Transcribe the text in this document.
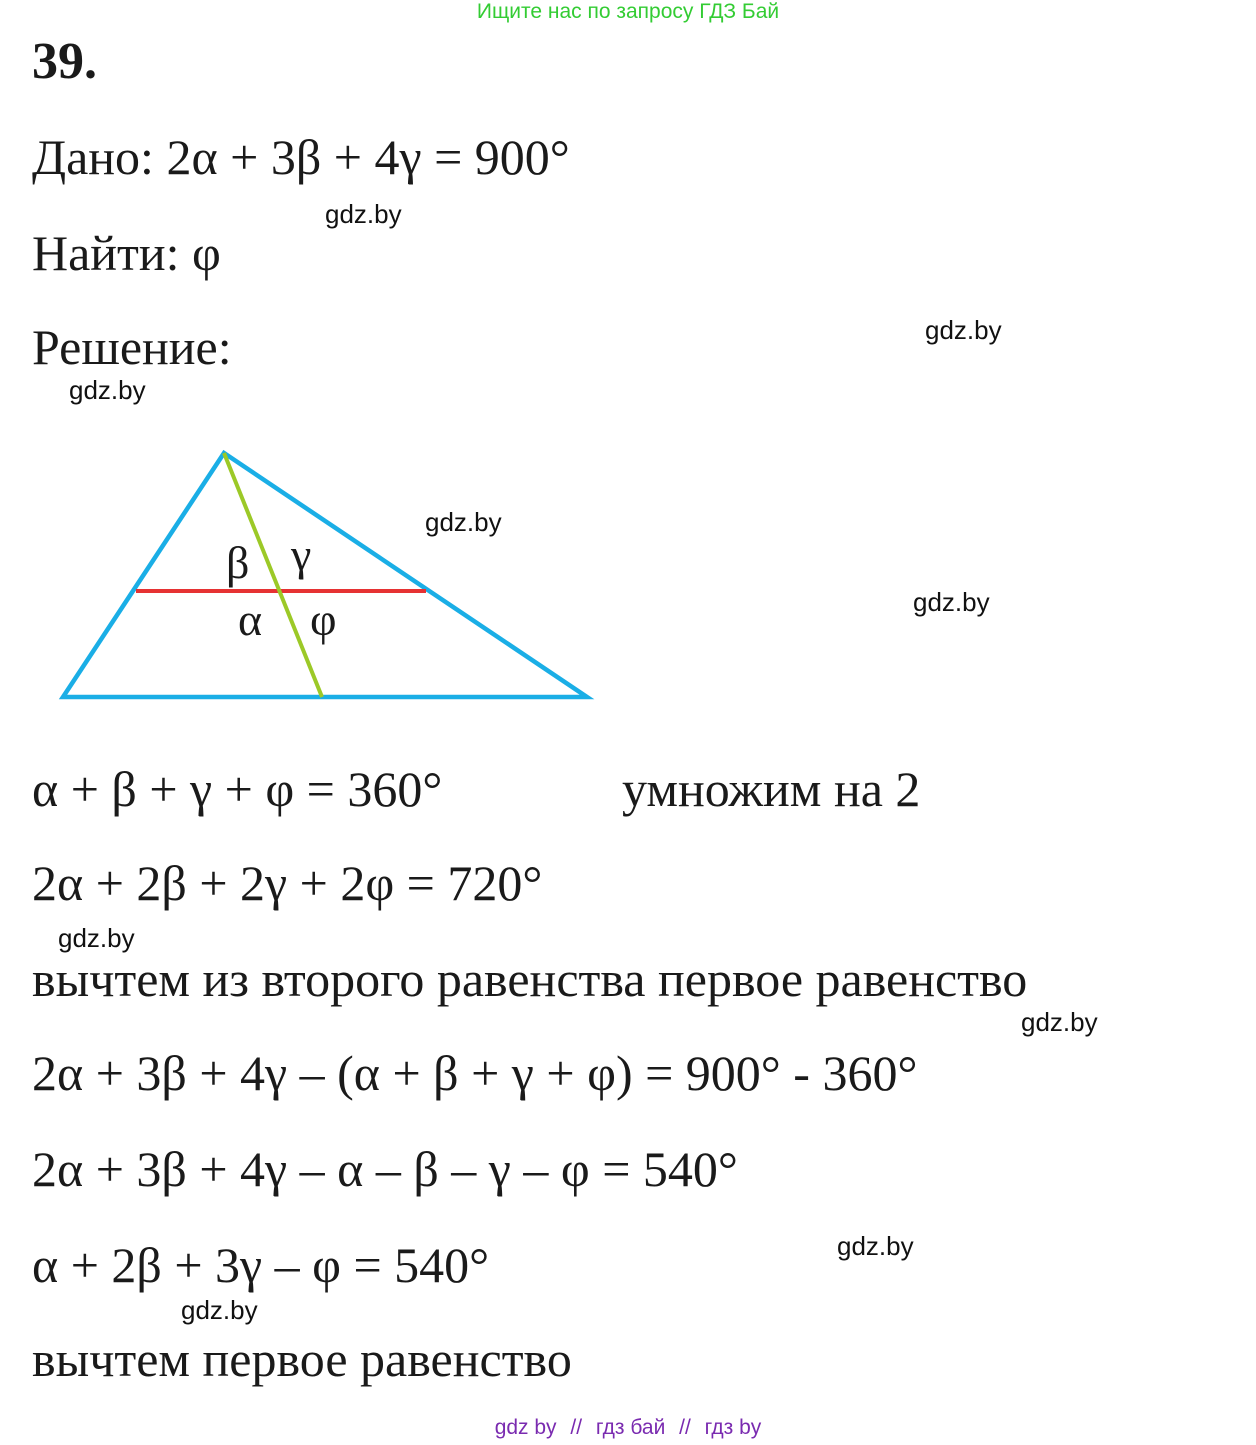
Ищите нас по запросу ГДЗ Бай
39.
Дано: 2α + 3β + 4γ = 900°
Найти: φ
Решение:
β γ
α φ
α + β + γ + φ = 360°	умножим на 2
2α + 2β + 2γ + 2φ = 720°
вычтем из второго равенства первое равенство
2α + 3β + 4γ – (α + β + γ + φ) = 900° - 360°
2α + 3β + 4γ – α – β – γ – φ = 540°
α + 2β + 3γ – φ = 540°
вычтем первое равенство
gdz.by
gdz.by
gdz.by
gdz.by
gdz.by
gdz.by
gdz.by
gdz.by
gdz.by
gdz by // гдз бай // гдз by
